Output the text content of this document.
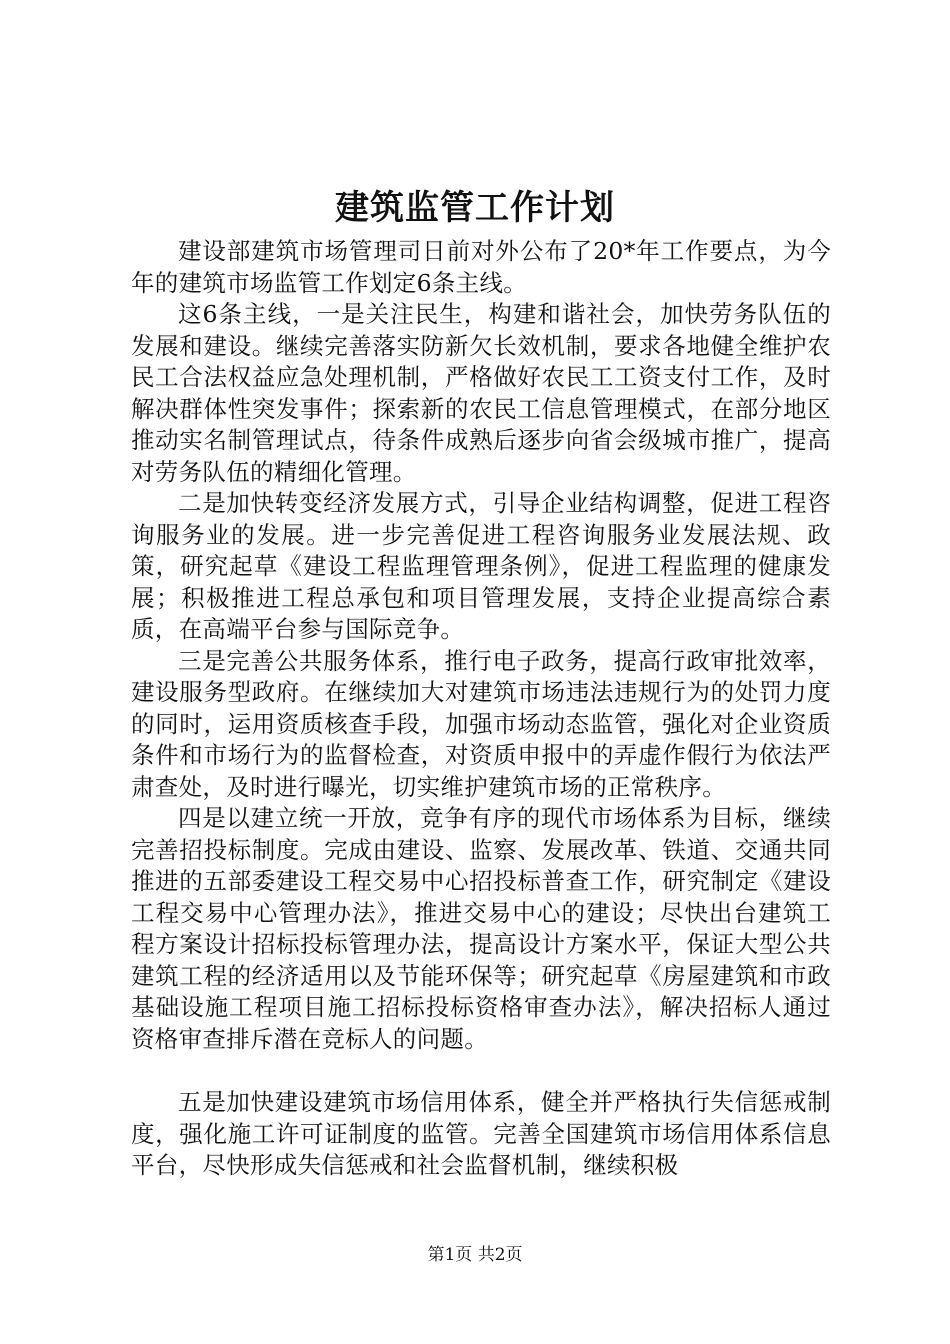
建筑监管工作计划

建设部建筑市场管理司日前对外公布了20*年工作要点，为今年的建筑市场监管工作划定6条主线。

这6条主线，一是关注民生，构建和谐社会，加快劳务队伍的发展和建设。继续完善落实防新欠长效机制，要求各地健全维护农民工合法权益应急处理机制，严格做好农民工工资支付工作，及时解决群体性突发事件；探索新的农民工信息管理模式，在部分地区推动实名制管理试点，待条件成熟后逐步向省会级城市推广，提高对劳务队伍的精细化管理。

二是加快转变经济发展方式，引导企业结构调整，促进工程咨询服务业的发展。进一步完善促进工程咨询服务业发展法规、政策，研究起草《建设工程监理管理条例》，促进工程监理的健康发展；积极推进工程总承包和项目管理发展，支持企业提高综合素质，在高端平台参与国际竞争。

三是完善公共服务体系，推行电子政务，提高行政审批效率，建设服务型政府。在继续加大对建筑市场违法违规行为的处罚力度的同时，运用资质核查手段，加强市场动态监管，强化对企业资质条件和市场行为的监督检查，对资质申报中的弄虚作假行为依法严肃查处，及时进行曝光，切实维护建筑市场的正常秩序。

四是以建立统一开放，竞争有序的现代市场体系为目标，继续完善招投标制度。完成由建设、监察、发展改革、铁道、交通共同推进的五部委建设工程交易中心招投标普查工作，研究制定《建设工程交易中心管理办法》，推进交易中心的建设；尽快出台建筑工程方案设计招标投标管理办法，提高设计方案水平，保证大型公共建筑工程的经济适用以及节能环保等；研究起草《房屋建筑和市政基础设施工程项目施工招标投标资格审查办法》，解决招标人通过资格审查排斥潜在竞标人的问题。

五是加快建设建筑市场信用体系，健全并严格执行失信惩戒制度，强化施工许可证制度的监管。完善全国建筑市场信用体系信息平台，尽快形成失信惩戒和社会监督机制，继续积极

第1页 共2页
